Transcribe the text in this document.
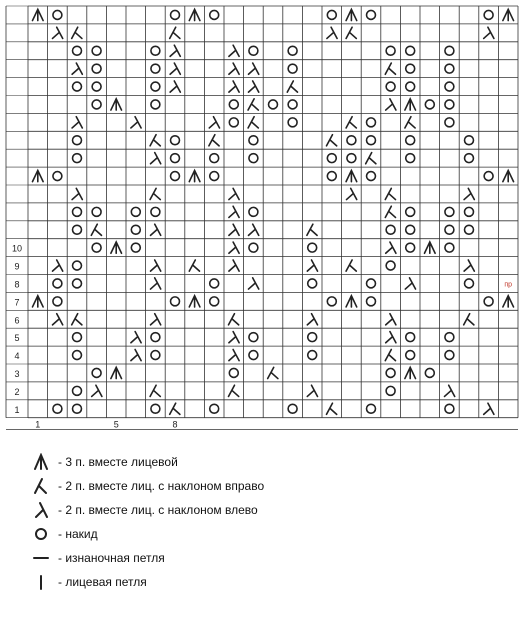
1
2
3
4
5
6
7
8
9
10
1	5	8
пр
- 3 п. вместе лицевой
- 2 п. вместе лиц. с наклоном вправо
- 2 п. вместе лиц. с наклоном влево
- накид
- изнаночная петля
- лицевая петля
